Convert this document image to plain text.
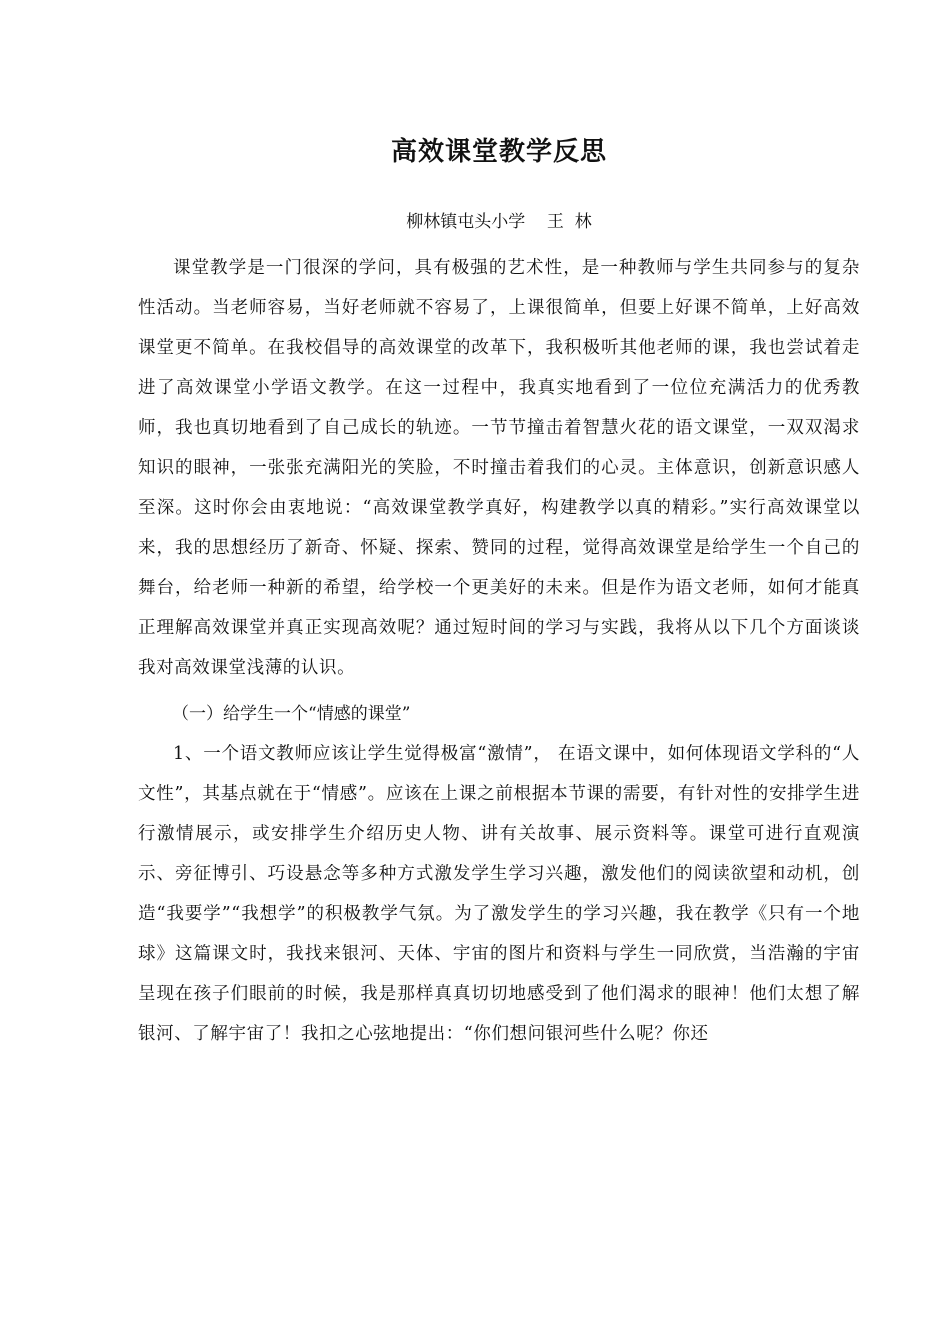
高效课堂教学反思
柳林镇屯头小学    王  林

课堂教学是一门很深的学问，具有极强的艺术性，是一种教师与学生共同参与的复杂性活动。当老师容易，当好老师就不容易了，上课很简单，但要上好课不简单，上好高效课堂更不简单。在我校倡导的高效课堂的改革下，我积极听其他老师的课，我也尝试着走进了高效课堂小学语文教学。在这一过程中，我真实地看到了一位位充满活力的优秀教师，我也真切地看到了自己成长的轨迹。一节节撞击着智慧火花的语文课堂，一双双渴求知识的眼神，一张张充满阳光的笑脸，不时撞击着我们的心灵。主体意识，创新意识感人至深。这时你会由衷地说：“高效课堂教学真好，构建教学以真的精彩。”实行高效课堂以来，我的思想经历了新奇、怀疑、探索、赞同的过程，觉得高效课堂是给学生一个自己的舞台，给老师一种新的希望，给学校一个更美好的未来。但是作为语文老师，如何才能真正理解高效课堂并真正实现高效呢？通过短时间的学习与实践，我将从以下几个方面谈谈我对高效课堂浅薄的认识。

（一）给学生一个“情感的课堂”

1、一个语文教师应该让学生觉得极富“激情”， 在语文课中，如何体现语文学科的“人文性”，其基点就在于“情感”。应该在上课之前根据本节课的需要，有针对性的安排学生进行激情展示，或安排学生介绍历史人物、讲有关故事、展示资料等。课堂可进行直观演示、旁征博引、巧设悬念等多种方式激发学生学习兴趣，激发他们的阅读欲望和动机，创造“我要学”“我想学”的积极教学气氛。为了激发学生的学习兴趣，我在教学《只有一个地球》这篇课文时，我找来银河、天体、宇宙的图片和资料与学生一同欣赏，当浩瀚的宇宙呈现在孩子们眼前的时候，我是那样真真切切地感受到了他们渴求的眼神！他们太想了解银河、了解宇宙了！我扣之心弦地提出：“你们想问银河些什么呢？你还
